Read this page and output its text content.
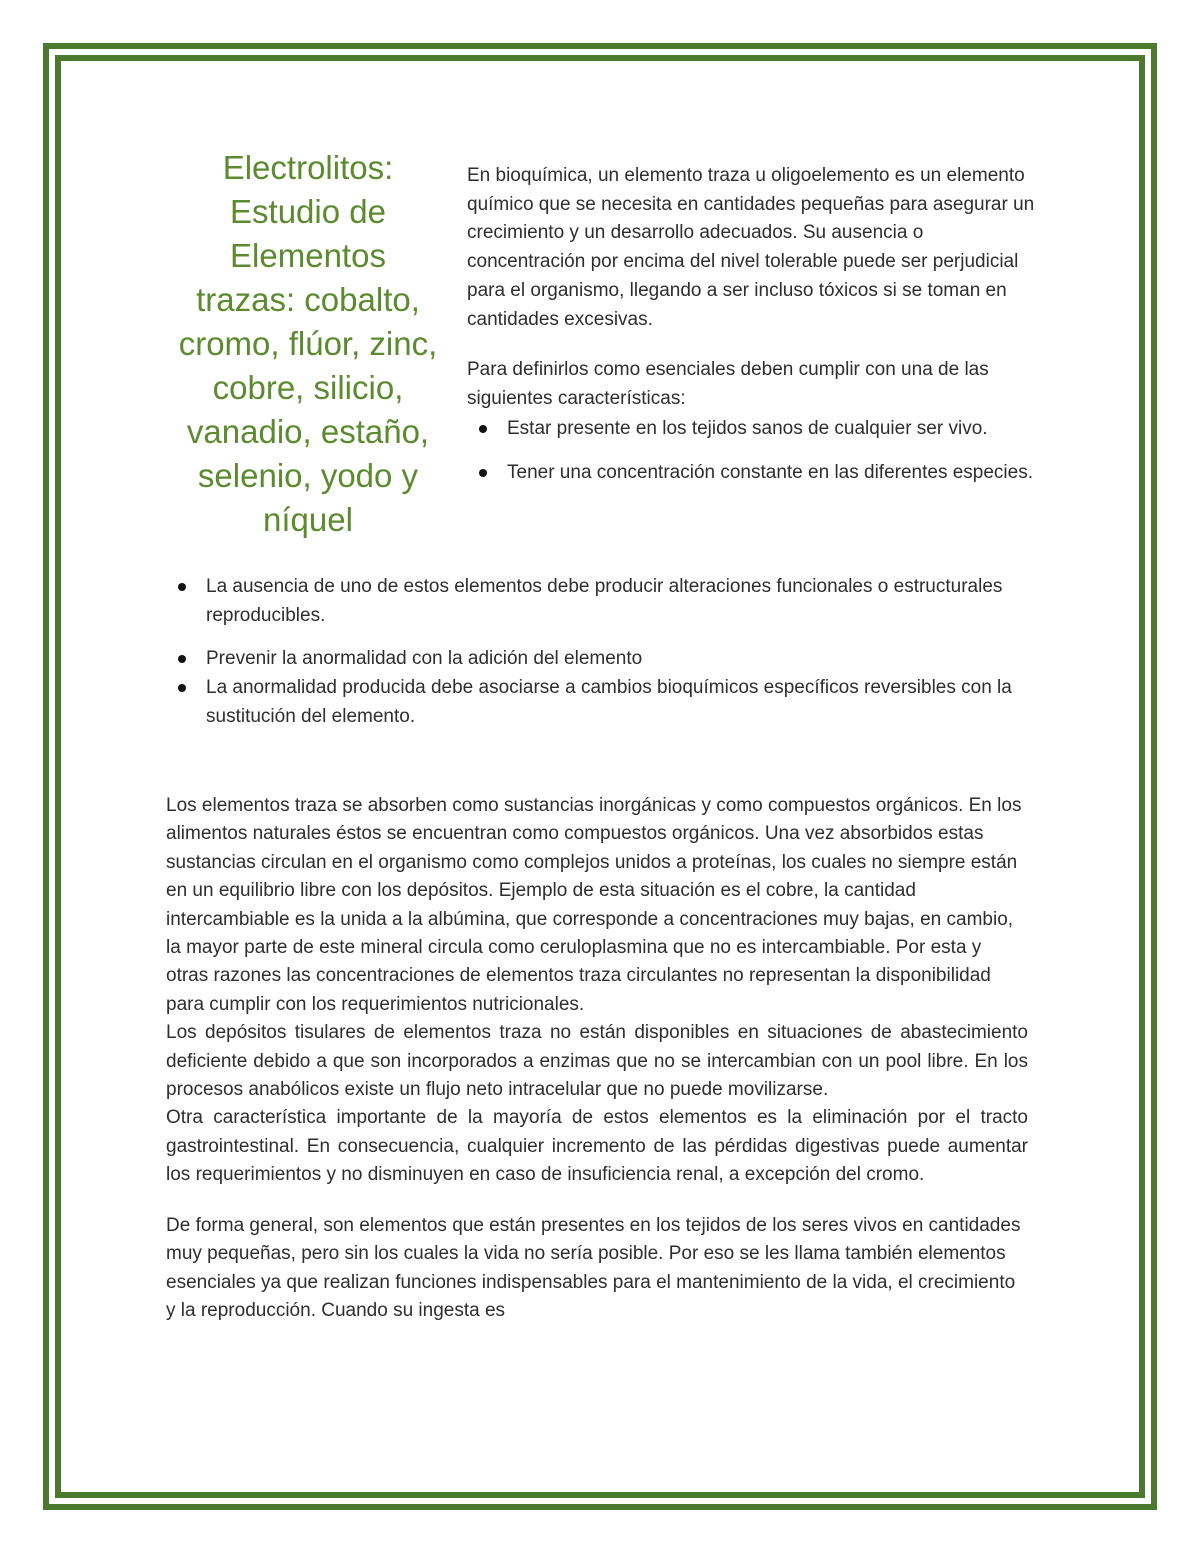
Electrolitos: Estudio de Elementos trazas: cobalto, cromo, flúor, zinc, cobre, silicio, vanadio, estaño, selenio, yodo y níquel

En bioquímica, un elemento traza u oligoelemento es un elemento químico que se necesita en cantidades pequeñas para asegurar un crecimiento y un desarrollo adecuados. Su ausencia o concentración por encima del nivel tolerable puede ser perjudicial para el organismo, llegando a ser incluso tóxicos si se toman en cantidades excesivas.

Para definirlos como esenciales deben cumplir con una de las siguientes características:

Estar presente en los tejidos sanos de cualquier ser vivo.
Tener una concentración constante en las diferentes especies.
La ausencia de uno de estos elementos debe producir alteraciones funcionales o estructurales reproducibles.
Prevenir la anormalidad con la adición del elemento
La anormalidad producida debe asociarse a cambios bioquímicos específicos reversibles con la sustitución del elemento.

Los elementos traza se absorben como sustancias inorgánicas y como compuestos orgánicos. En los alimentos naturales éstos se encuentran como compuestos orgánicos. Una vez absorbidos estas sustancias circulan en el organismo como complejos unidos a proteínas, los cuales no siempre están en un equilibrio libre con los depósitos. Ejemplo de esta situación es el cobre, la cantidad intercambiable es la unida a la albúmina, que corresponde a concentraciones muy bajas, en cambio, la mayor parte de este mineral circula como ceruloplasmina que no es intercambiable. Por esta y otras razones las concentraciones de elementos traza circulantes no representan la disponibilidad para cumplir con los requerimientos nutricionales.

Los depósitos tisulares de elementos traza no están disponibles en situaciones de abastecimiento deficiente debido a que son incorporados a enzimas que no se intercambian con un pool libre. En los procesos anabólicos existe un flujo neto intracelular que no puede movilizarse.

Otra característica importante de la mayoría de estos elementos es la eliminación por el tracto gastrointestinal. En consecuencia, cualquier incremento de las pérdidas digestivas puede aumentar los requerimientos y no disminuyen en caso de insuficiencia renal, a excepción del cromo.

De forma general, son elementos que están presentes en los tejidos de los seres vivos en cantidades muy pequeñas, pero sin los cuales la vida no sería posible. Por eso se les llama también elementos esenciales ya que realizan funciones indispensables para el mantenimiento de la vida, el crecimiento y la reproducción. Cuando su ingesta es
